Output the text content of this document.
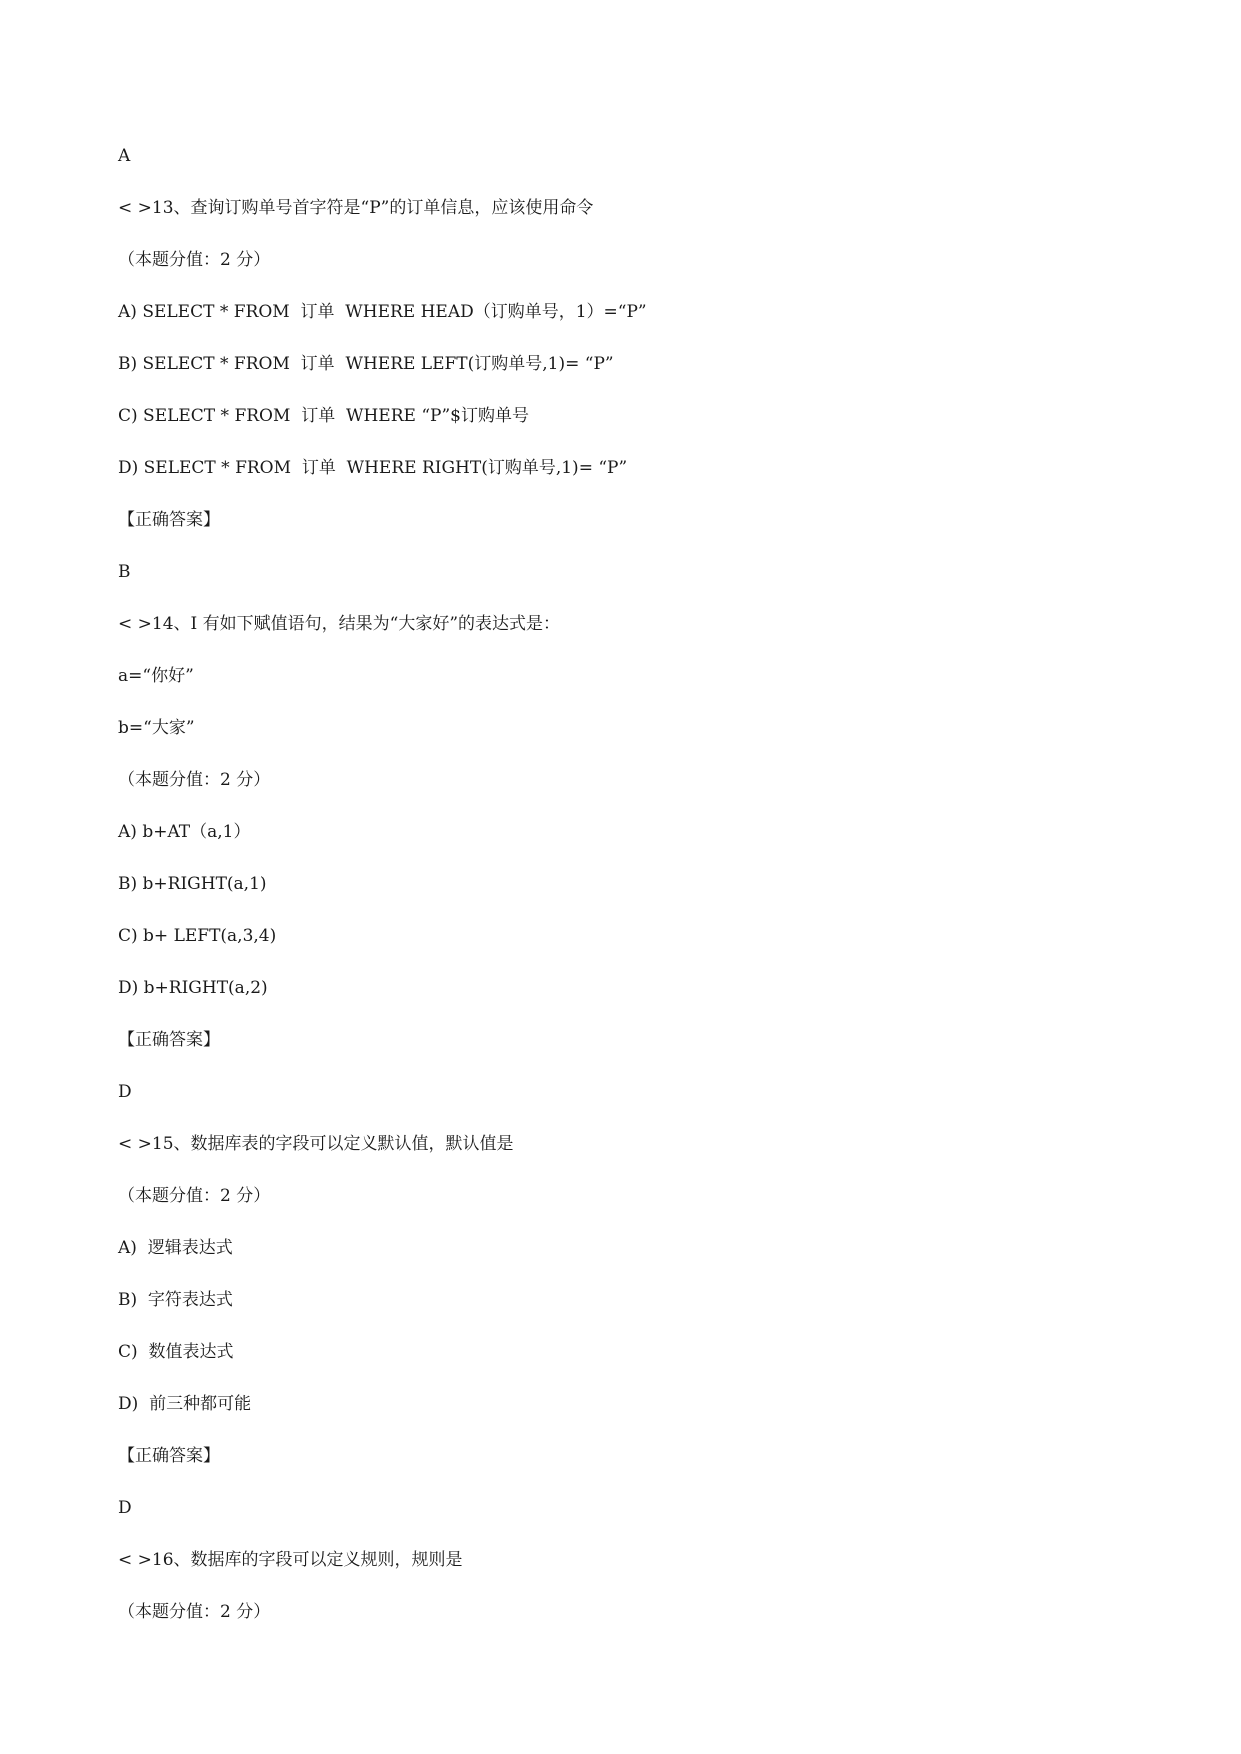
A
< >13、查询订购单号首字符是“P”的订单信息，应该使用命令
（本题分值：2 分）
A) SELECT * FROM  订单  WHERE HEAD（订购单号，1）=“P”
B) SELECT * FROM  订单  WHERE LEFT(订购单号,1)= “P”
C) SELECT * FROM  订单  WHERE “P”$订购单号
D) SELECT * FROM  订单  WHERE RIGHT(订购单号,1)= “P”
【正确答案】
B
< >14、I 有如下赋值语句，结果为“大家好”的表达式是：
a=“你好”
b=“大家”
（本题分值：2 分）
A) b+AT（a,1）
B) b+RIGHT(a,1)
C) b+ LEFT(a,3,4)
D) b+RIGHT(a,2)
【正确答案】
D
< >15、数据库表的字段可以定义默认值，默认值是
（本题分值：2 分）
A)  逻辑表达式
B)  字符表达式
C)  数值表达式
D)  前三种都可能
【正确答案】
D
< >16、数据库的字段可以定义规则，规则是
（本题分值：2 分）
